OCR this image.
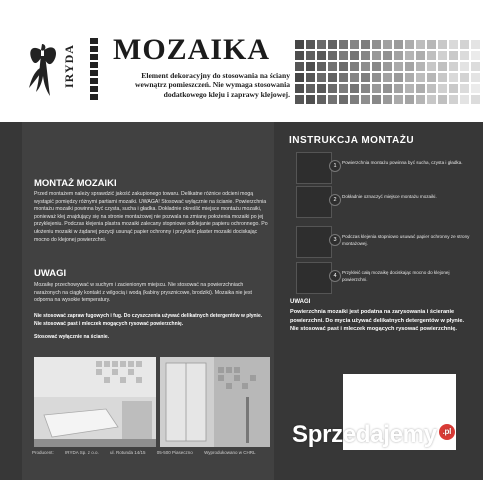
IRYDA MOZAIKA
Element dekoracyjny do stosowania na ściany wewnątrz pomieszczeń. Nie wymaga stosowania dodatkowego kleju i zaprawy klejowej.
MONTAŻ MOZAIKI
Przed montażem należy sprawdzić jakość zakupionego towaru. Delikatne różnice odcieni mogą wystąpić pomiędzy różnymi partiami mozaiki. UWAGA! Stosować wyłącznie na ścianie. Powierzchnia montażu mozaiki powinna być czysta, sucha i gładka. Dokładnie określić miejsce montażu mozaiki, ponieważ klej znajdujący się na stronie montażowej nie pozwala na zmianę położenia mozaiki po jej przyklejeniu. Podczas klejenia plastra mozaiki zalecany stopniowe odklejanie papieru ochronnego. Po ułożeniu mozaiki w żądanej pozycji usunąć papier ochronny i przykleić plaster mozaiki dociskając mocno do klejonej powierzchni.
UWAGI
Mozaikę przechowywać w suchym i zacienionym miejscu. Nie stosować na powierzchniach narażonych na ciągły kontakt z wilgocią i wodą (kabiny prysznicowe, brodziki). Mozaika nie jest odporna na wysokie temperatury.
Nie stosować zapraw fugowych i fug. Do czyszczenia używać delikatnych detergentów w płynie. Nie stosować past i mleczek mogących rysować powierzchnię.
Stosować wyłącznie na ścianie.
Producent:	IRYDA Sp. z o.o.	ul. Rotunda 14/15	05-500 Piaseczno	Wyprodukowano w CHRL
INSTRUKCJA MONTAŻU
1
Powierzchnia montażu powinna być sucha, czysta i gładka.
2
Dokładnie oznaczyć miejsce montażu mozaiki.
3
Podczas klejenia stopniowo usuwać papier ochronny ze strony montażowej.
4
Przykleić całą mozaikę dociskając mocno do klejonej powierzchni.
UWAGI
Powierzchnia mozaiki jest podatna na zarysowania i ścieranie powierzchni. Do mycia używać delikatnych detergentów w płynie. Nie stosować past i mleczek mogących rysować powierzchnię.
Sprzedajemy .pl
